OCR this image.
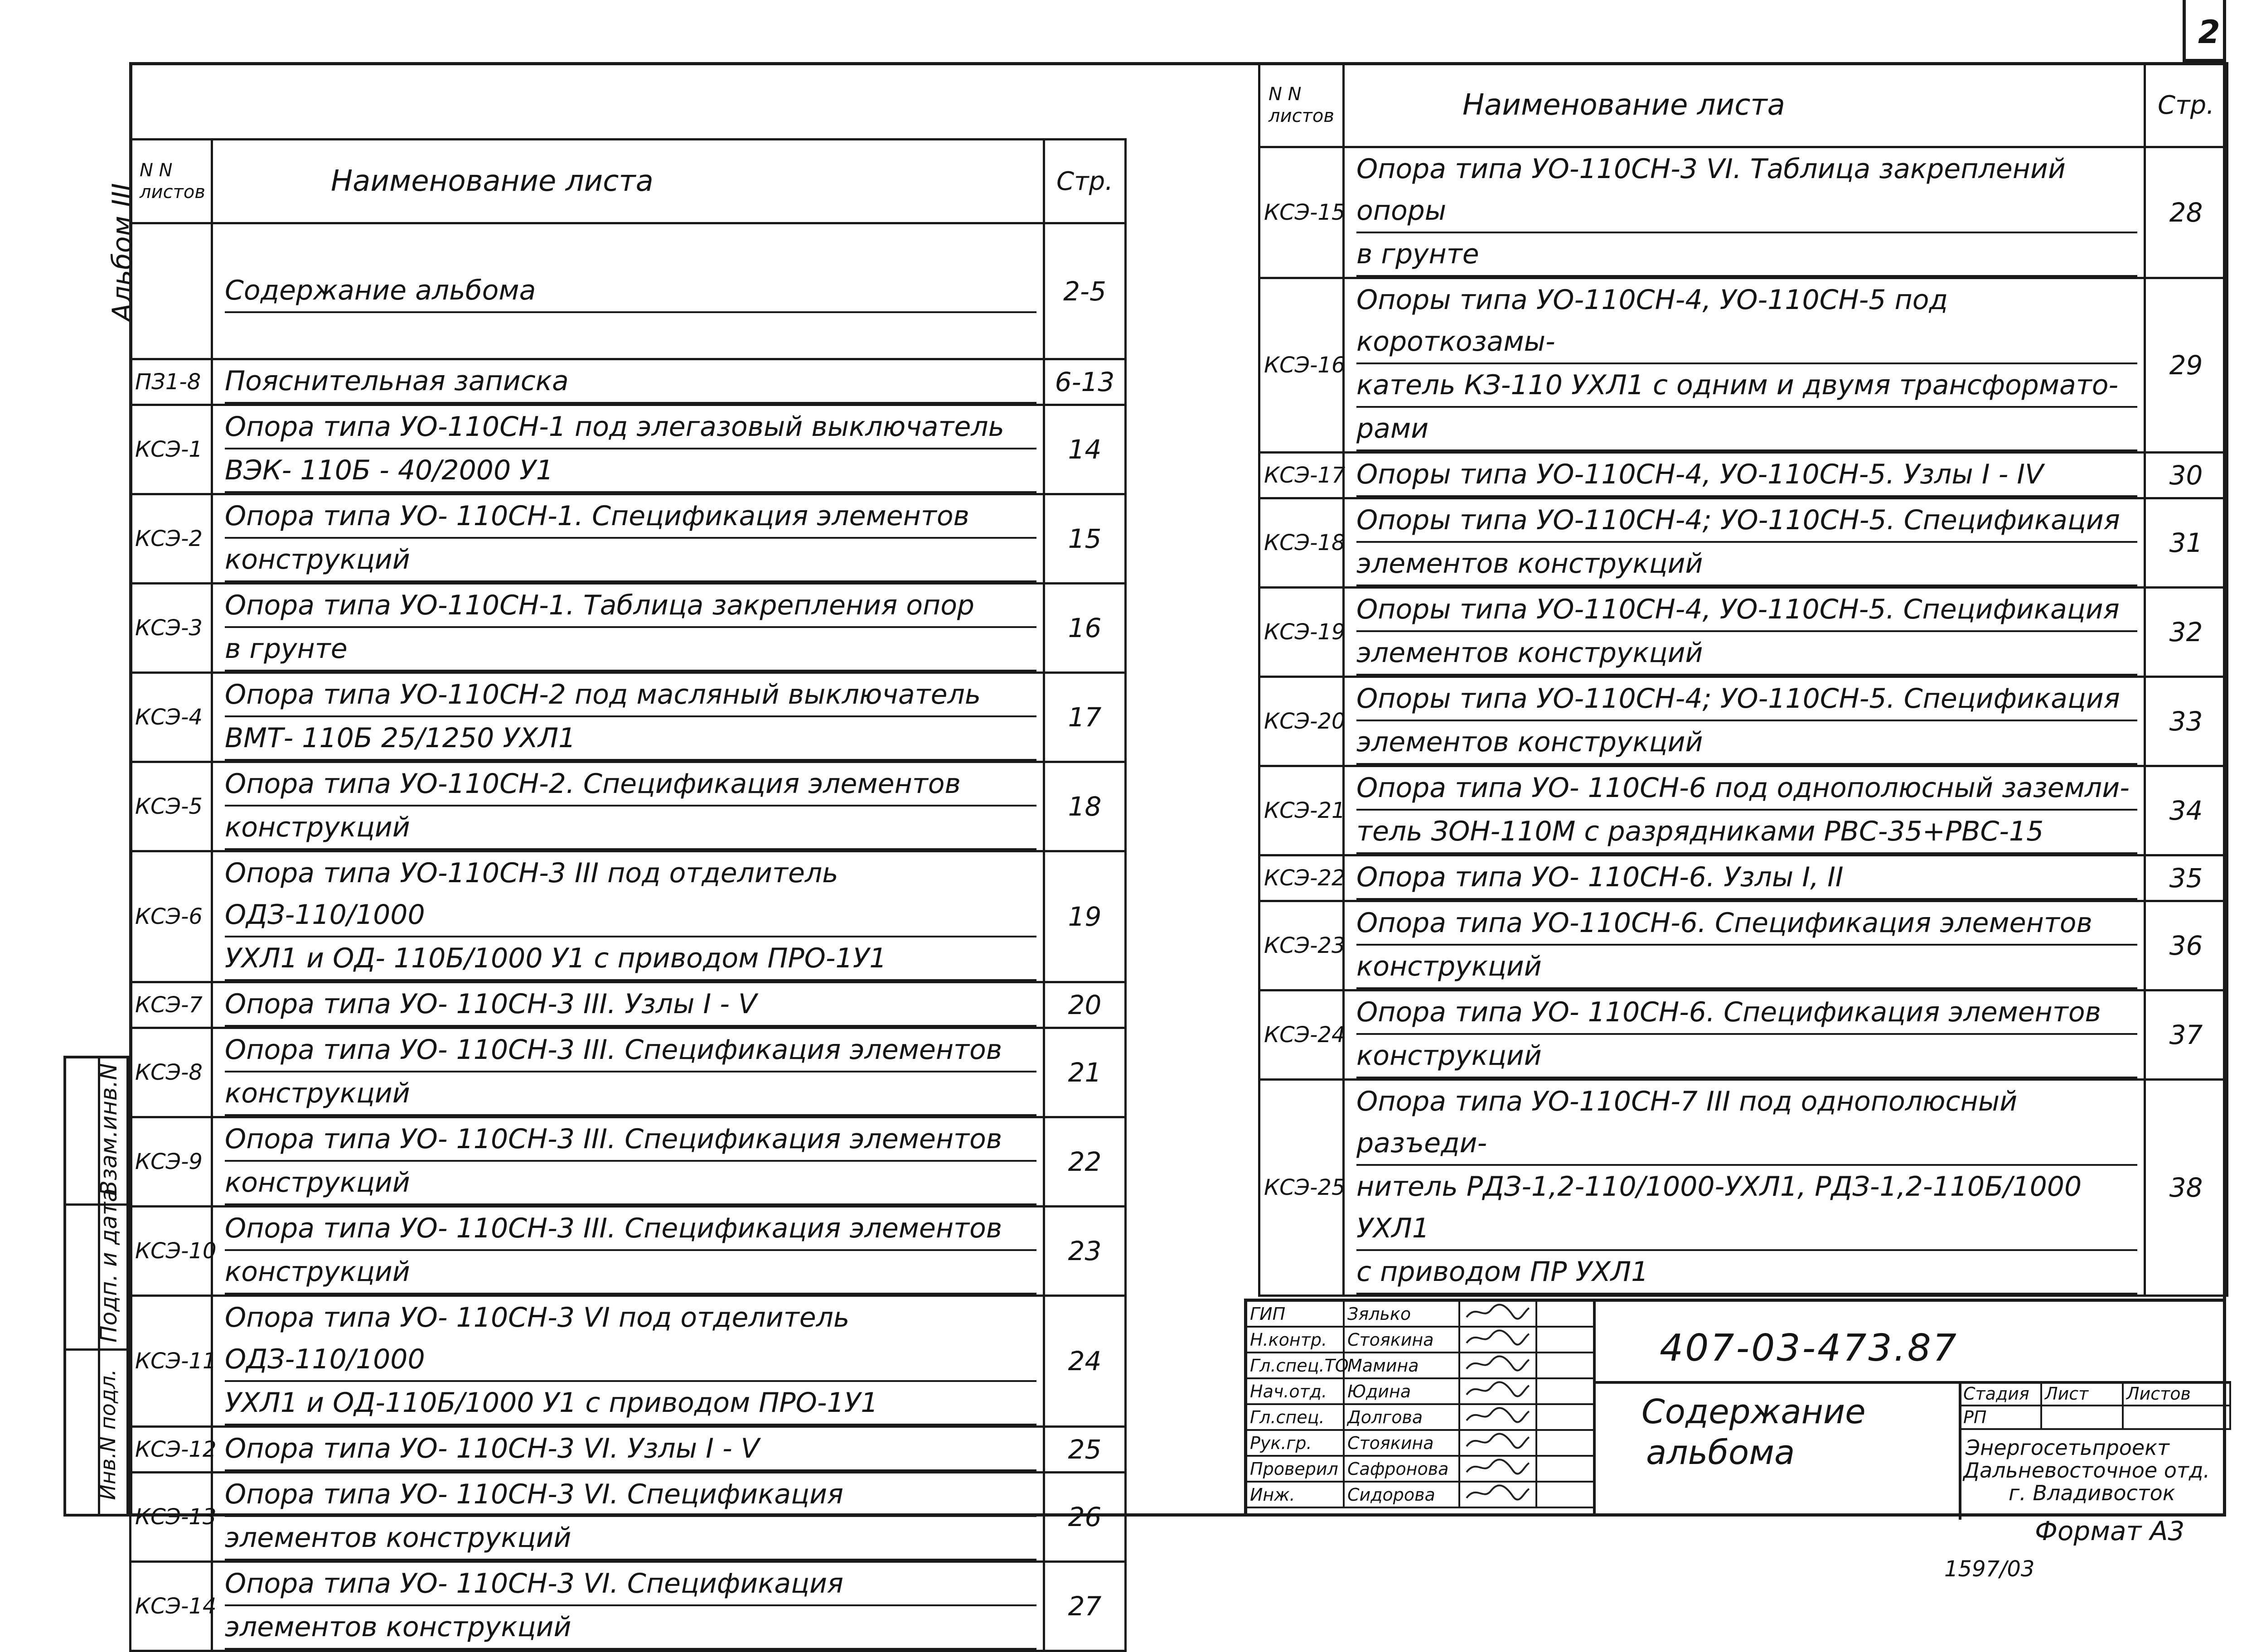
2
Альбом III
N N листов	Наименование листа	Стр.

	Содержание альбома	2-5
ПЗ1-8	Пояснительная записка	6-13
КСЭ-1	Опора типа УО-110СН-1 под элегазовый выключатель
ВЭК- 110Б - 40/2000 У1	14
КСЭ-2	Опора типа УО- 110СН-1. Спецификация элементов
конструкций	15
КСЭ-3	Опора типа УО-110СН-1. Таблица закрепления опор
в грунте	16
КСЭ-4	Опора типа УО-110СН-2 под масляный выключатель
ВМТ- 110Б 25/1250 УХЛ1	17
КСЭ-5	Опора типа УО-110СН-2. Спецификация элементов
конструкций	18
КСЭ-6	Опора типа УО-110СН-3 III под отделитель ОДЗ-110/1000
УХЛ1 и ОД- 110Б/1000 У1 с приводом ПРО-1У1	19
КСЭ-7	Опора типа УО- 110СН-3 III. Узлы I - V	20
КСЭ-8	Опора типа УО- 110СН-3 III. Спецификация элементов
конструкций	21
КСЭ-9	Опора типа УО- 110СН-3 III. Спецификация элементов
конструкций	22
КСЭ-10	Опора типа УО- 110СН-3 III. Спецификация элементов
конструкций	23
КСЭ-11	Опора типа УО- 110СН-3 VI под отделитель ОДЗ-110/1000
УХЛ1 и ОД-110Б/1000 У1 с приводом ПРО-1У1	24
КСЭ-12	Опора типа УО- 110СН-3 VI. Узлы I - V	25
КСЭ-13	Опора типа УО- 110СН-3 VI. Спецификация
элементов конструкций	26
КСЭ-14	Опора типа УО- 110СН-3 VI. Спецификация
элементов конструкций	27
N N листов	Наименование листа	Стр.
КСЭ-15	Опора типа УО-110СН-3 VI. Таблица закреплений опоры
в грунте	28
КСЭ-16	Опоры типа УО-110СН-4, УО-110СН-5 под короткозамы-
катель КЗ-110 УХЛ1 с одним и двумя трансформато-
рами	29
КСЭ-17	Опоры типа УО-110СН-4, УО-110СН-5. Узлы I - IV	30
КСЭ-18	Опоры типа УО-110СН-4; УО-110СН-5. Спецификация
элементов конструкций	31
КСЭ-19	Опоры типа УО-110СН-4, УО-110СН-5. Спецификация
элементов конструкций	32
КСЭ-20	Опоры типа УО-110СН-4; УО-110СН-5. Спецификация
элементов конструкций	33
КСЭ-21	Опора типа УО- 110СН-6 под однополюсный заземли-
тель ЗОН-110М с разрядниками РВС-35+РВС-15	34
КСЭ-22	Опора типа УО- 110СН-6. Узлы I, II	35
КСЭ-23	Опора типа УО-110СН-6. Спецификация элементов
конструкций	36
КСЭ-24	Опора типа УО- 110СН-6. Спецификация элементов
конструкций	37
КСЭ-25	Опора типа УО-110СН-7 III под однополюсный разъеди-
нитель РДЗ-1,2-110/1000-УХЛ1, РДЗ-1,2-110Б/1000 УХЛ1
с приводом ПР УХЛ1	38
Взам.инв.N
Подп. и дата
Инв.N подл.
ГИП	Зялько		
Н.контр.	Стоякина		
Гл.спец.ТО	Мамина		
Нач.отд.	Юдина		
Гл.спец.	Долгова		
Рук.гр.	Стоякина		
Проверил	Сафронова		
Инж.	Сидорова		
407-03-473.87
Содержание
альбома
Стадия	Лист	Листов
РП		
Энергосетьпроект
Дальневосточное отд.
г. Владивосток
Формат А3
1597/03
